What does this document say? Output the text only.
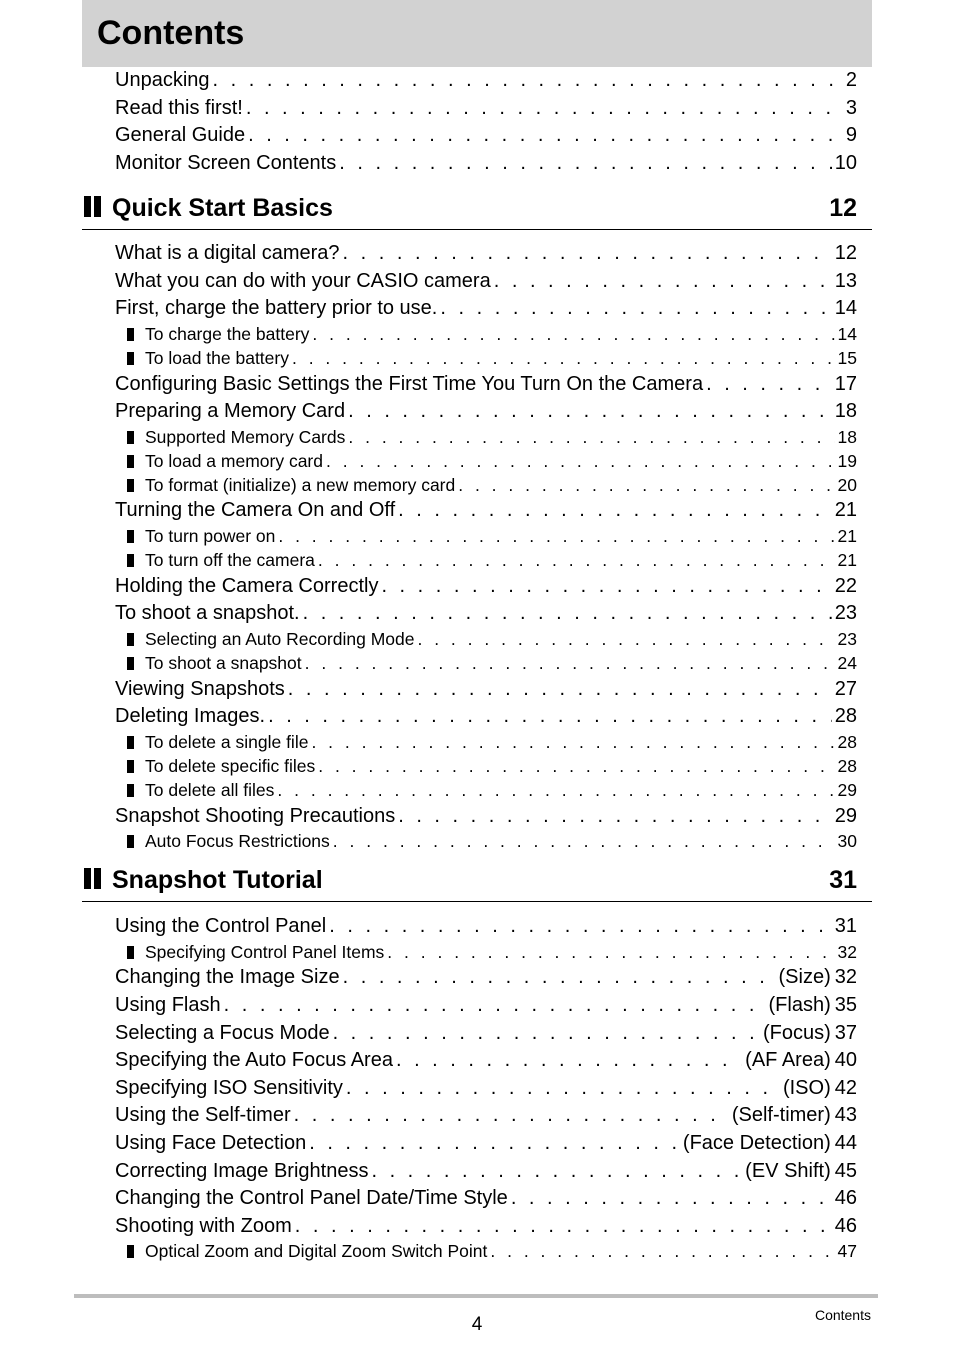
Contents
Unpacking . . .	2
Read this first! . . .	3
General Guide . . .	9
Monitor Screen Contents . . .	10
Quick Start Basics	12
What is a digital camera? . . .	12
What you can do with your CASIO camera . . .	13
First, charge the battery prior to use. . . .	14
To charge the battery . . .	14
To load the battery . . .	15
Configuring Basic Settings the First Time You Turn On the Camera . . .	17
Preparing a Memory Card . . .	18
Supported Memory Cards . . .	18
To load a memory card . . .	19
To format (initialize) a new memory card . . .	20
Turning the Camera On and Off . . .	21
To turn power on . . .	21
To turn off the camera . . .	21
Holding the Camera Correctly . . .	22
To shoot a snapshot. . . .	23
Selecting an Auto Recording Mode . . .	23
To shoot a snapshot . . .	24
Viewing Snapshots . . .	27
Deleting Images. . . .	28
To delete a single file . . .	28
To delete specific files . . .	28
To delete all files . . .	29
Snapshot Shooting Precautions . . .	29
Auto Focus Restrictions . . .	30
Snapshot Tutorial	31
Using the Control Panel . . .	31
Specifying Control Panel Items . . .	32
Changing the Image Size . . .	(Size) 32
Using Flash . . .	(Flash) 35
Selecting a Focus Mode . . .	(Focus) 37
Specifying the Auto Focus Area . . .	(AF Area) 40
Specifying ISO Sensitivity . . .	(ISO) 42
Using the Self-timer . . .	(Self-timer) 43
Using Face Detection . . .	(Face Detection) 44
Correcting Image Brightness . . .	(EV Shift) 45
Changing the Control Panel Date/Time Style . . .	46
Shooting with Zoom . . .	46
Optical Zoom and Digital Zoom Switch Point . . .	47
4	Contents
